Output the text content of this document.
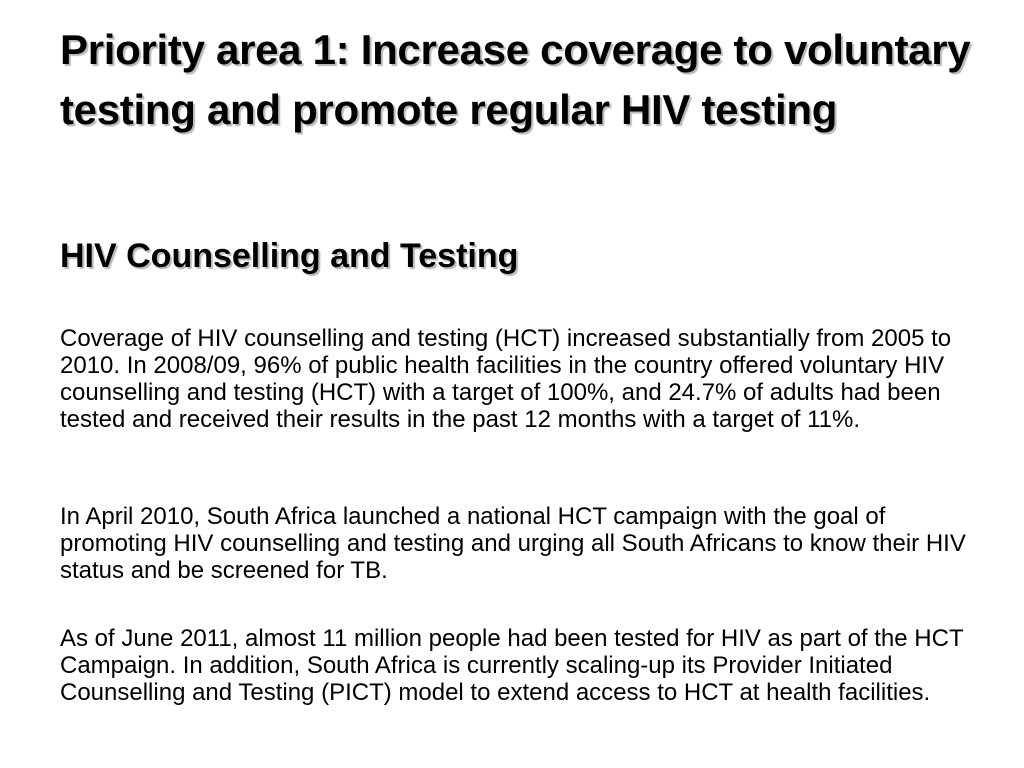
Priority area 1: Increase coverage to voluntary testing and promote regular HIV testing
HIV Counselling and Testing

Coverage of HIV counselling and testing (HCT) increased substantially from 2005 to 2010. In 2008/09, 96% of public health facilities in the country offered voluntary HIV counselling and testing (HCT) with a target of 100%, and 24.7% of adults had been tested and received their results in the past 12 months with a target of 11%.

In April 2010, South Africa launched a national HCT campaign with the goal of promoting HIV counselling and testing and urging all South Africans to know their HIV status and be screened for TB.

As of June 2011, almost 11 million people had been tested for HIV as part of the HCT Campaign. In addition, South Africa is currently scaling-up its Provider Initiated Counselling and Testing (PICT) model to extend access to HCT at health facilities.
